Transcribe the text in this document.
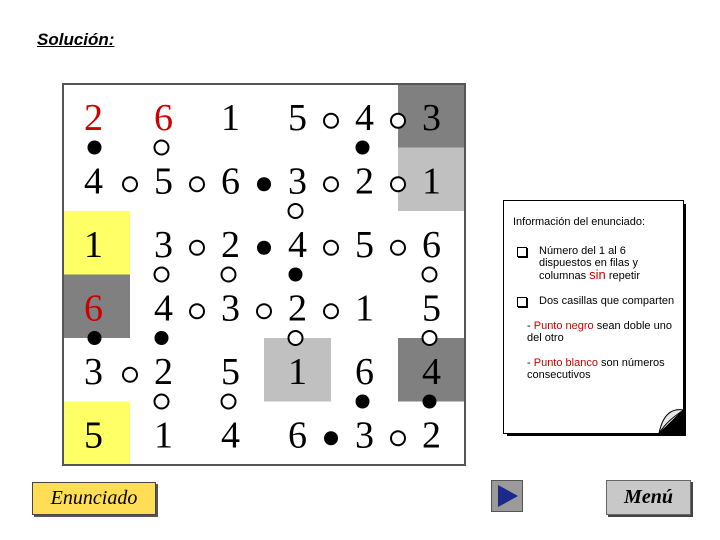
Solución:
2 6 1 5 4 3
4 5 6 3 2 1
1 3 2 4 5 6
6 4 3 2 1 5
3 2 5 1 6 4
5 1 4 6 3 2
Información del enunciado:
Número del 1 al 6 dispuestos en filas y columnas sin repetir
Dos casillas que comparten
- Punto negro sean doble uno del otro
- Punto blanco son números consecutivos
Enunciado	Menú
